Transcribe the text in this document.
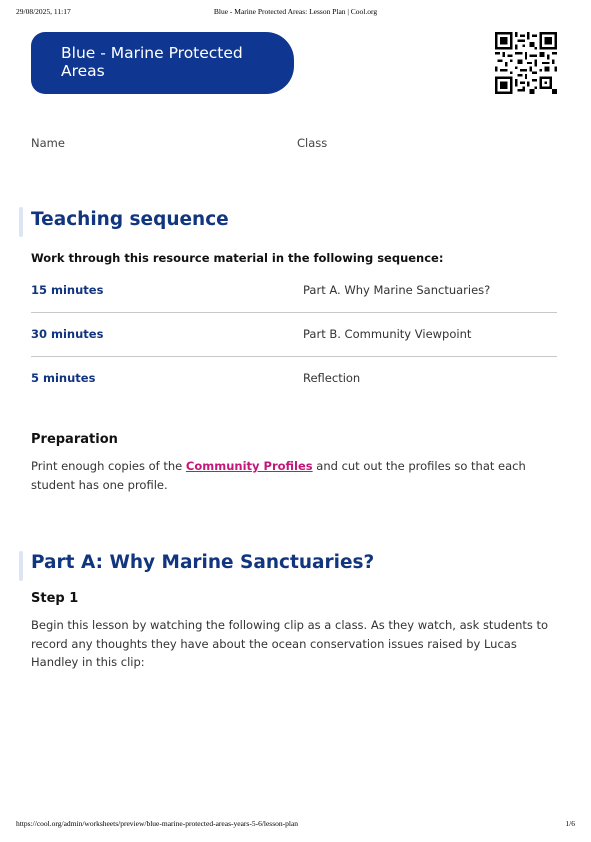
29/08/2025, 11:17	Blue - Marine Protected Areas: Lesson Plan | Cool.org
Blue - Marine Protected Areas
Name	Class
Teaching sequence
Work through this resource material in the following sequence:
15 minutes	Part A. Why Marine Sanctuaries?
30 minutes	Part B. Community Viewpoint
5 minutes	Reflection
Preparation
Print enough copies of the Community Profiles and cut out the profiles so that each student has one profile.
Part A: Why Marine Sanctuaries?
Step 1
Begin this lesson by watching the following clip as a class. As they watch, ask students to record any thoughts they have about the ocean conservation issues raised by Lucas Handley in this clip:
https://cool.org/admin/worksheets/preview/blue-marine-protected-areas-years-5-6/lesson-plan	1/6
